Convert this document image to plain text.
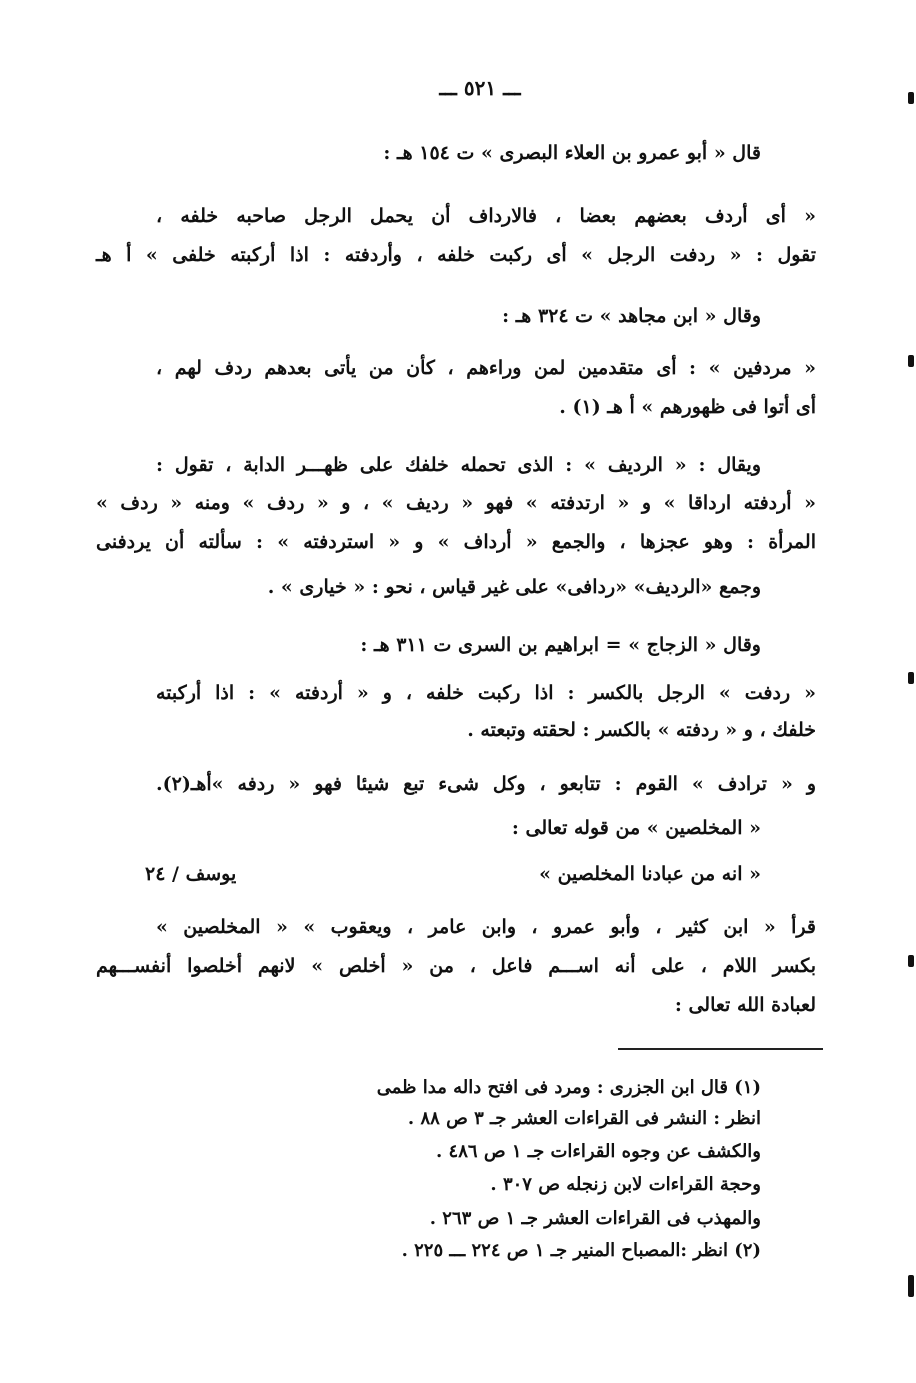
ـــ ٥٢١ ـــ
قال « أبو عمرو بن العلاء البصرى » ت ١٥٤ هـ :
« أى أردف بعضهم بعضا ، فالارداف أن يحمل الرجل صاحبه خلفه ،
تقول : « ردفت الرجل » أى ركبت خلفه ، وأردفته : اذا أركبته خلفى » أ هـ
وقال « ابن مجاهد » ت ٣٢٤ هـ :
« مردفين » : أى متقدمين لمن وراءهم ، كأن من يأتى بعدهم ردف لهم ،
أى أتوا فى ظهورهم » أ هـ (١) .
ويقال : « الرديف » : الذى تحمله خلفك على ظهـــر الدابة ، تقول :
« أردفته ارداقا » و « ارتدفته » فهو « رديف » ، و « ردف » ومنه « ردف »
المرأة : وهو عجزها ، والجمع « أرداف » و « استردفته » : سألته أن يردفنى
وجمع «الرديف» «ردافى» على غير قياس ، نحو : « خيارى » .
وقال « الزجاج » = ابراهيم بن السرى ت ٣١١ هـ :
« ردفت » الرجل بالكسر : اذا ركبت خلفه ، و « أردفته » : اذا أركبته
خلفك ، و « ردفته » بالكسر : لحقته وتبعته .
و « ترادف » القوم : تتابعو ، وكل شىء تبع شيئا فهو « ردفه »أهـ(٢).
« المخلصين » من قوله تعالى :
« انه من عبادنا المخلصين »
يوسف / ٢٤
قرأ « ابن كثير ، وأبو عمرو ، وابن عامر ، ويعقوب » « المخلصين »
بكسر اللام ، على أنه اســـم فاعل ، من « أخلص » لانهم أخلصوا أنفســـهم
لعبادة الله تعالى :
(١) قال ابن الجزرى : ومرد فى افتح داله مدا ظمى
انظر : النشر فى القراءات العشر جـ ٣ ص ٨٨ .
والكشف عن وجوه القراءات جـ ١ ص ٤٨٦ .
وحجة القراءات لابن زنجله ص ٣٠٧ .
والمهذب فى القراءات العشر جـ ١ ص ٢٦٣ .
(٢) انظر :المصباح المنير جـ ١ ص ٢٢٤ ـــ ٢٢٥ .
